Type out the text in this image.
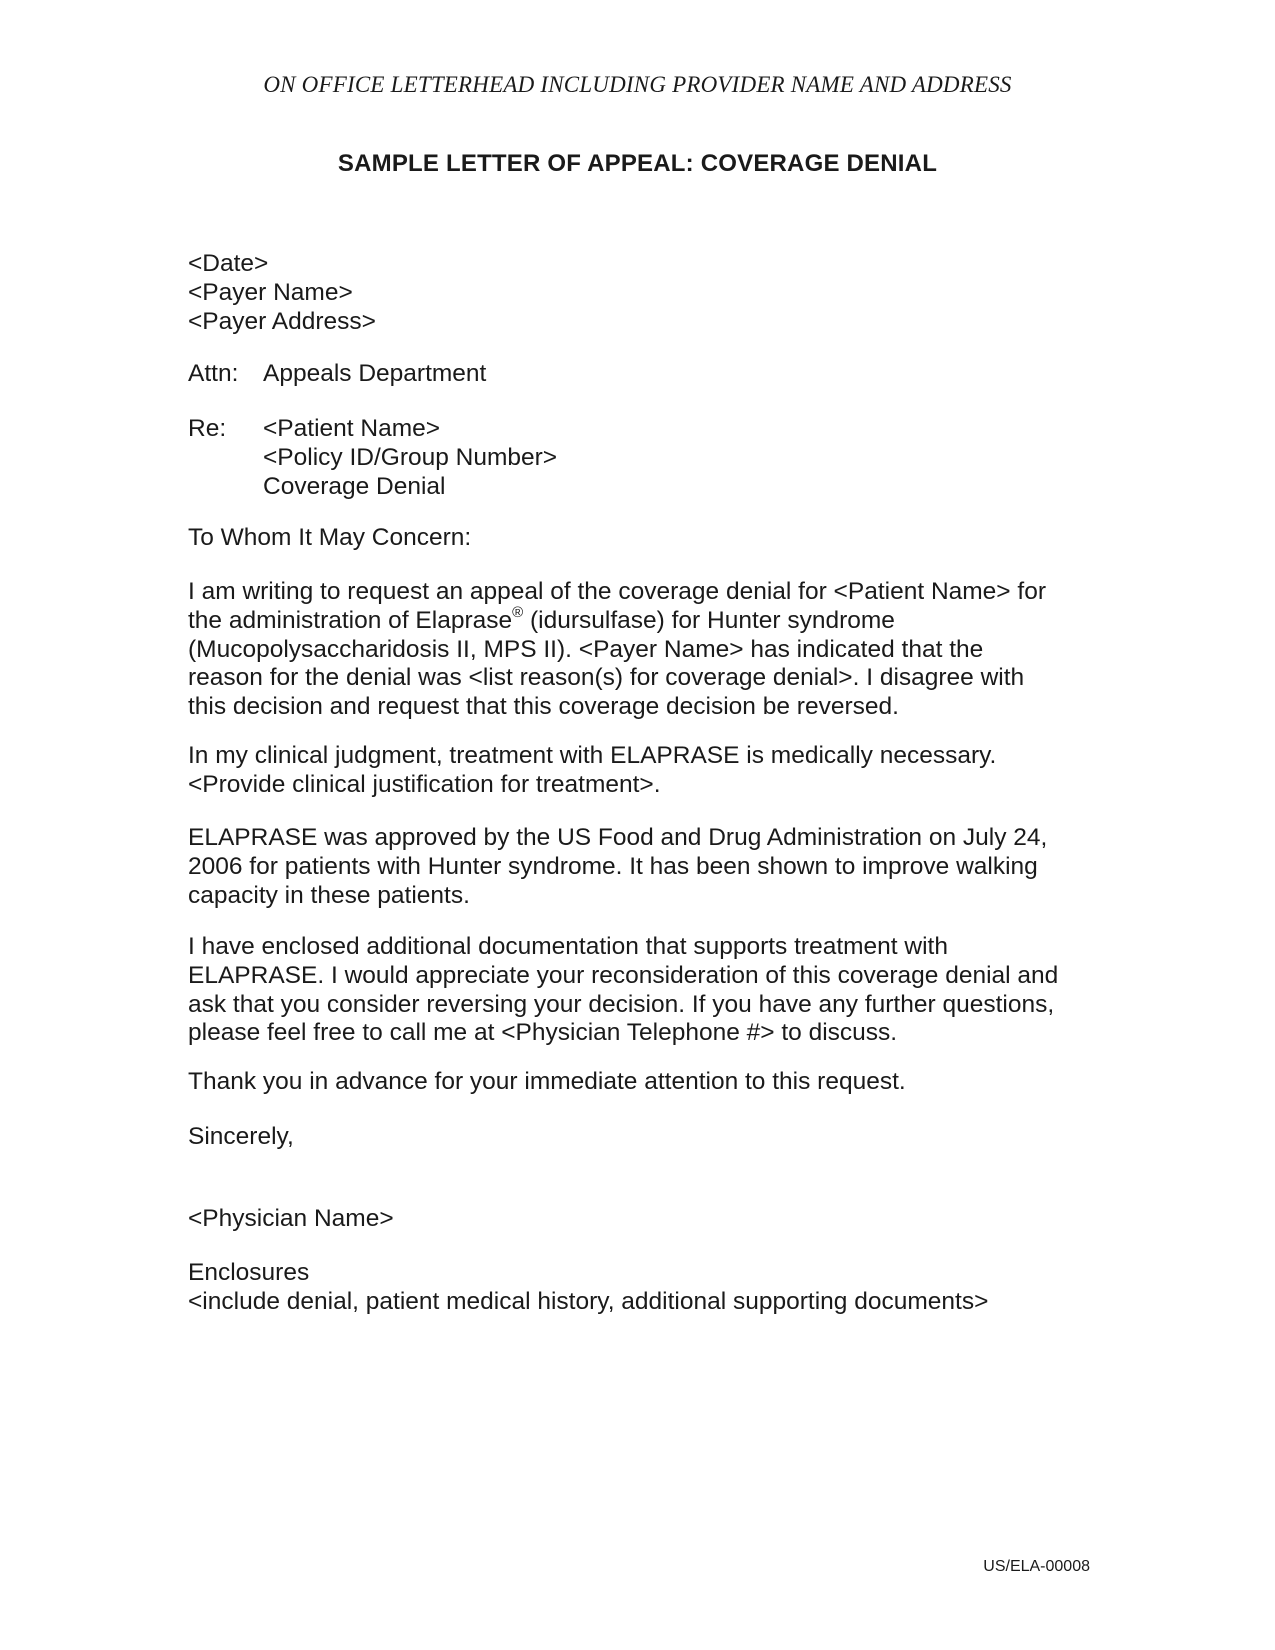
ON OFFICE LETTERHEAD INCLUDING PROVIDER NAME AND ADDRESS
SAMPLE LETTER OF APPEAL: COVERAGE DENIAL
<Date>
<Payer Name>
<Payer Address>
Attn: Appeals Department
Re: <Patient Name>
<Policy ID/Group Number>
Coverage Denial
To Whom It May Concern:
I am writing to request an appeal of the coverage denial for <Patient Name> for
the administration of Elaprase® (idursulfase) for Hunter syndrome
(Mucopolysaccharidosis II, MPS II). <Payer Name> has indicated that the
reason for the denial was <list reason(s) for coverage denial>. I disagree with
this decision and request that this coverage decision be reversed.
In my clinical judgment, treatment with ELAPRASE is medically necessary.
<Provide clinical justification for treatment>.
ELAPRASE was approved by the US Food and Drug Administration on July 24,
2006 for patients with Hunter syndrome. It has been shown to improve walking
capacity in these patients.
I have enclosed additional documentation that supports treatment with
ELAPRASE. I would appreciate your reconsideration of this coverage denial and
ask that you consider reversing your decision. If you have any further questions,
please feel free to call me at <Physician Telephone #> to discuss.
Thank you in advance for your immediate attention to this request.
Sincerely,
<Physician Name>
Enclosures
<include denial, patient medical history, additional supporting documents>
US/ELA-00008
